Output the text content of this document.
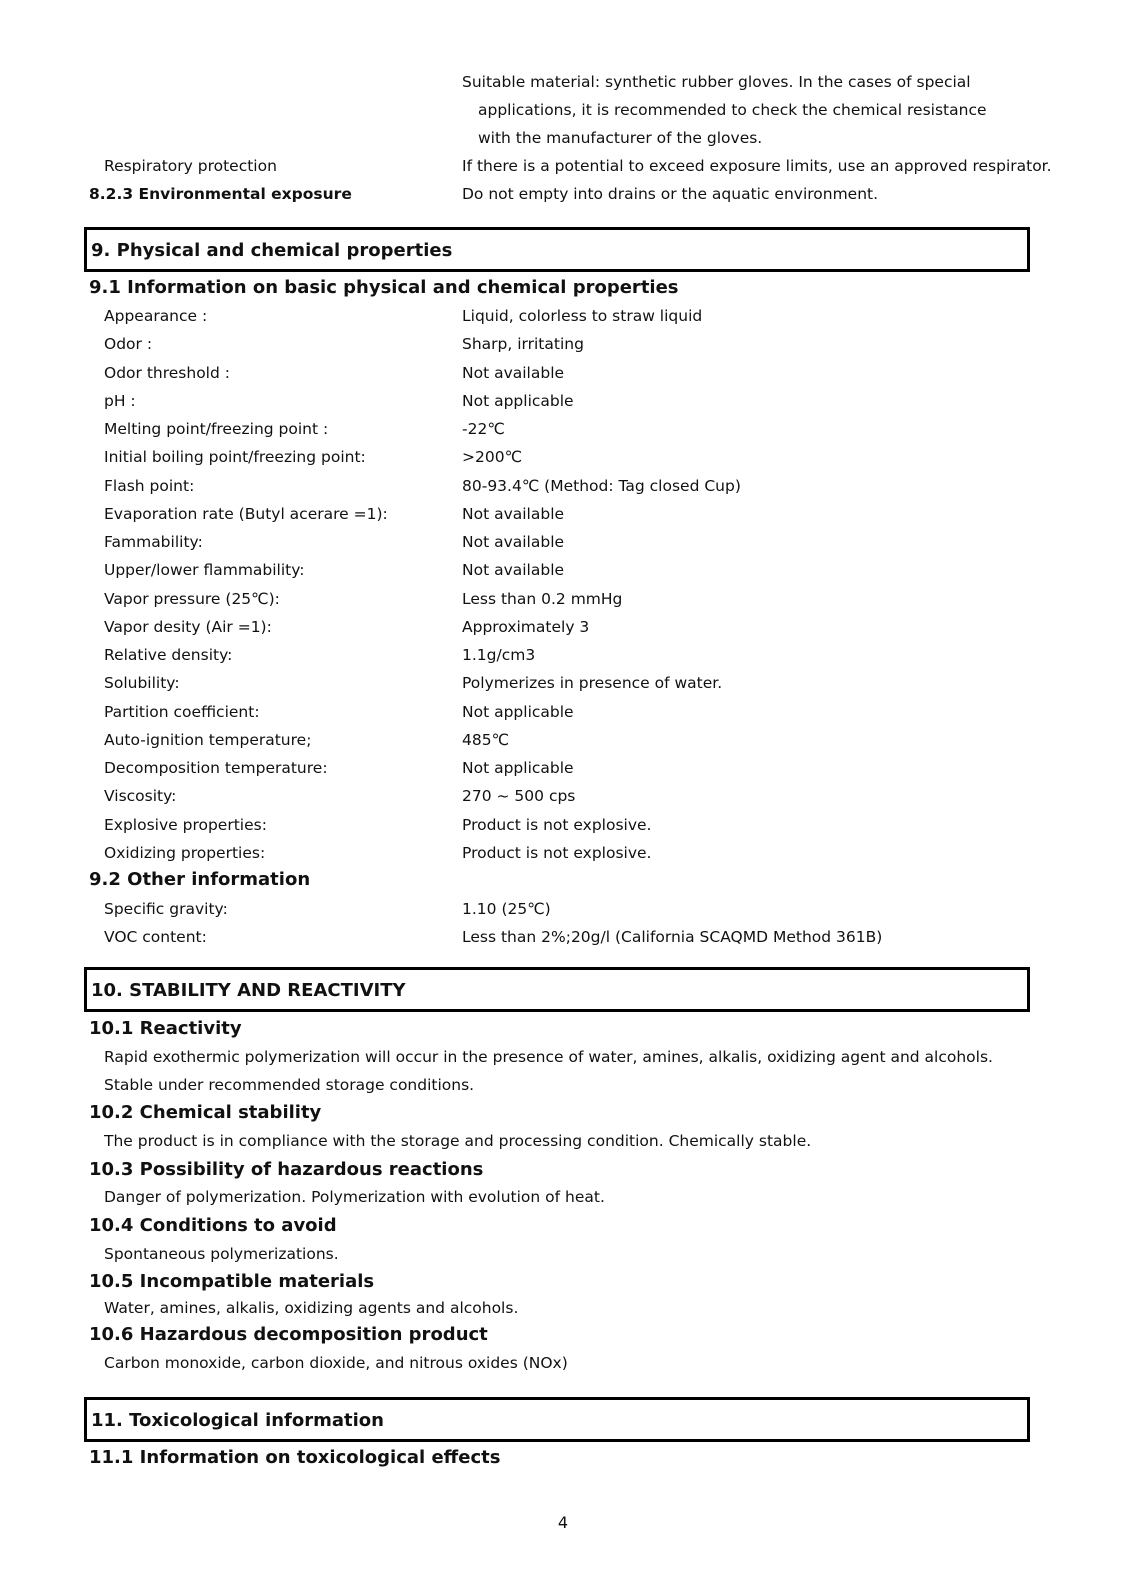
Suitable material: synthetic rubber gloves. In the cases of special
applications, it is recommended to check the chemical resistance
with the manufacturer of the gloves.
Respiratory protection	If there is a potential to exceed exposure limits, use an approved respirator.
8.2.3 Environmental exposure	Do not empty into drains or the aquatic environment.
9. Physical and chemical properties
9.1 Information on basic physical and chemical properties
Appearance :	Liquid, colorless to straw liquid
Odor :	Sharp, irritating
Odor threshold :	Not available
pH :	Not applicable
Melting point/freezing point :	-22℃
Initial boiling point/freezing point:	>200℃
Flash point:	80-93.4℃ (Method: Tag closed Cup)
Evaporation rate (Butyl acerare =1):	Not available
Fammability:	Not available
Upper/lower flammability:	Not available
Vapor pressure (25℃):	Less than 0.2 mmHg
Vapor desity (Air =1):	Approximately 3
Relative density:	1.1g/cm3
Solubility:	Polymerizes in presence of water.
Partition coefficient:	Not applicable
Auto-ignition temperature;	485℃
Decomposition temperature:	Not applicable
Viscosity:	270 ~ 500 cps
Explosive properties:	Product is not explosive.
Oxidizing properties:	Product is not explosive.
9.2 Other information
Specific gravity:	1.10 (25℃)
VOC content:	Less than 2%;20g/l (California SCAQMD Method 361B)
10. STABILITY AND REACTIVITY
10.1 Reactivity
Rapid exothermic polymerization will occur in the presence of water, amines, alkalis, oxidizing agent and alcohols.
Stable under recommended storage conditions.
10.2 Chemical stability
The product is in compliance with the storage and processing condition. Chemically stable.
10.3 Possibility of hazardous reactions
Danger of polymerization. Polymerization with evolution of heat.
10.4 Conditions to avoid
Spontaneous polymerizations.
10.5 Incompatible materials
Water, amines, alkalis, oxidizing agents and alcohols.
10.6 Hazardous decomposition product
Carbon monoxide, carbon dioxide, and nitrous oxides (NOx)
11. Toxicological information
11.1 Information on toxicological effects
4
